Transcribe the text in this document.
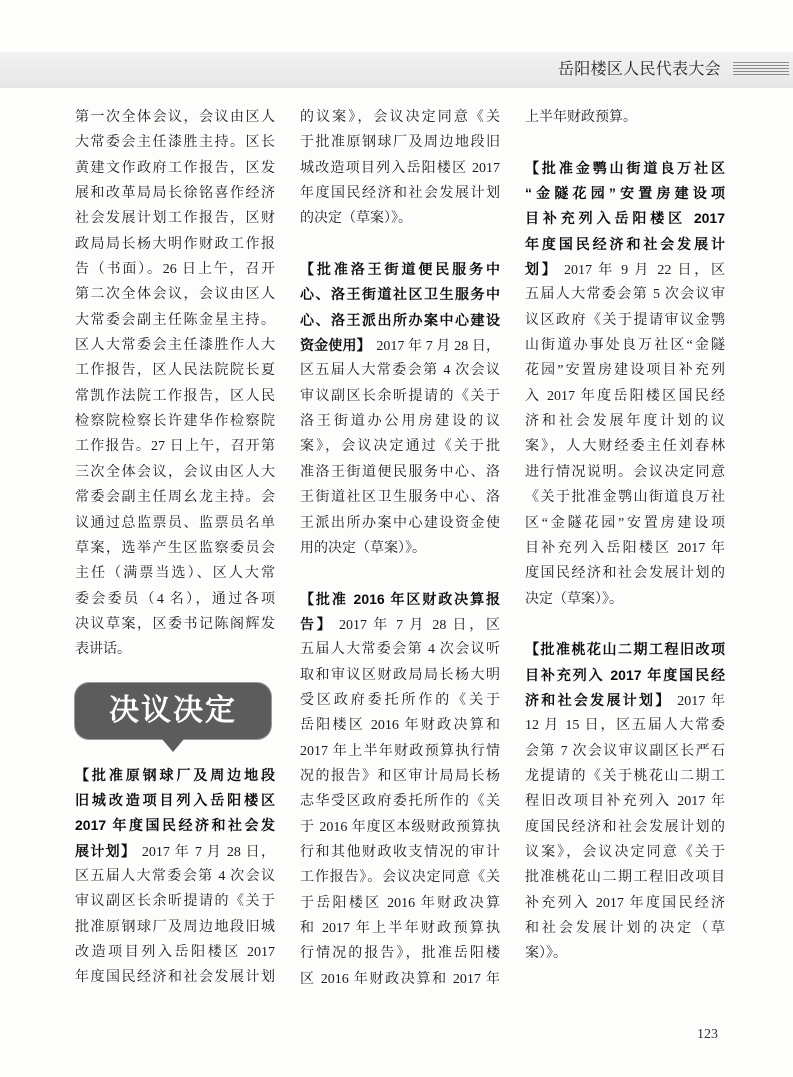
岳阳楼区人民代表大会
123
第一次全体会议，会议由区人
大常委会主任漆胜主持。区长
黄建文作政府工作报告，区发
展和改革局局长徐铭喜作经济
社会发展计划工作报告，区财
政局局长杨大明作财政工作报
告（书面）。26 日上午，召开
第二次全体会议，会议由区人
大常委会副主任陈金星主持。
区人大常委会主任漆胜作人大
工作报告，区人民法院院长夏
常凯作法院工作报告，区人民
检察院检察长许建华作检察院
工作报告。27 日上午，召开第
三次全体会议，会议由区人大
常委会副主任周幺龙主持。会
议通过总监票员、监票员名单
草案，选举产生区监察委员会
主任（满票当选）、区人大常
委会委员（4 名），通过各项
决议草案，区委书记陈阁辉发
表讲话。
决议决定
【批准原钢球厂及周边地段
旧城改造项目列入岳阳楼区
2017 年度国民经济和社会发
展计划】 2017 年 7 月 28 日，
区五届人大常委会第 4 次会议
审议副区长余昕提请的《关于
批准原钢球厂及周边地段旧城
改造项目列入岳阳楼区 2017
年度国民经济和社会发展计划
的议案》，会议决定同意《关
于批准原钢球厂及周边地段旧
城改造项目列入岳阳楼区 2017
年度国民经济和社会发展计划
的决定（草案）》。
【批准洛王街道便民服务中
心、洛王街道社区卫生服务中
心、洛王派出所办案中心建设
资金使用】 2017 年 7 月 28 日，
区五届人大常委会第 4 次会议
审议副区长余昕提请的《关于
洛王街道办公用房建设的议
案》，会议决定通过《关于批
准洛王街道便民服务中心、洛
王街道社区卫生服务中心、洛
王派出所办案中心建设资金使
用的决定（草案）》。
【批准 2016 年区财政决算报
告】 2017 年 7 月 28 日，区
五届人大常委会第 4 次会议听
取和审议区财政局局长杨大明
受区政府委托所作的《关于
岳阳楼区 2016 年财政决算和
2017 年上半年财政预算执行情
况的报告》和区审计局局长杨
志华受区政府委托所作的《关
于 2016 年度区本级财政预算执
行和其他财政收支情况的审计
工作报告》。会议决定同意《关
于岳阳楼区 2016 年财政决算
和 2017 年上半年财政预算执
行情况的报告》，批准岳阳楼
区 2016 年财政决算和 2017 年
上半年财政预算。
【批准金鹗山街道良万社区
“金隧花园”安置房建设项
目补充列入岳阳楼区 2017
年度国民经济和社会发展计
划】 2017 年 9 月 22 日，区
五届人大常委会第 5 次会议审
议区政府《关于提请审议金鹗
山街道办事处良万社区“金隧
花园”安置房建设项目补充列
入 2017 年度岳阳楼区国民经
济和社会发展年度计划的议
案》，人大财经委主任刘春林
进行情况说明。会议决定同意
《关于批准金鹗山街道良万社
区“金隧花园”安置房建设项
目补充列入岳阳楼区 2017 年
度国民经济和社会发展计划的
决定（草案）》。
【批准桃花山二期工程旧改项
目补充列入 2017 年度国民经
济和社会发展计划】 2017 年
12 月 15 日，区五届人大常委
会第 7 次会议审议副区长严石
龙提请的《关于桃花山二期工
程旧改项目补充列入 2017 年
度国民经济和社会发展计划的
议案》，会议决定同意《关于
批准桃花山二期工程旧改项目
补充列入 2017 年度国民经济
和社会发展计划的决定（草
案）》。
